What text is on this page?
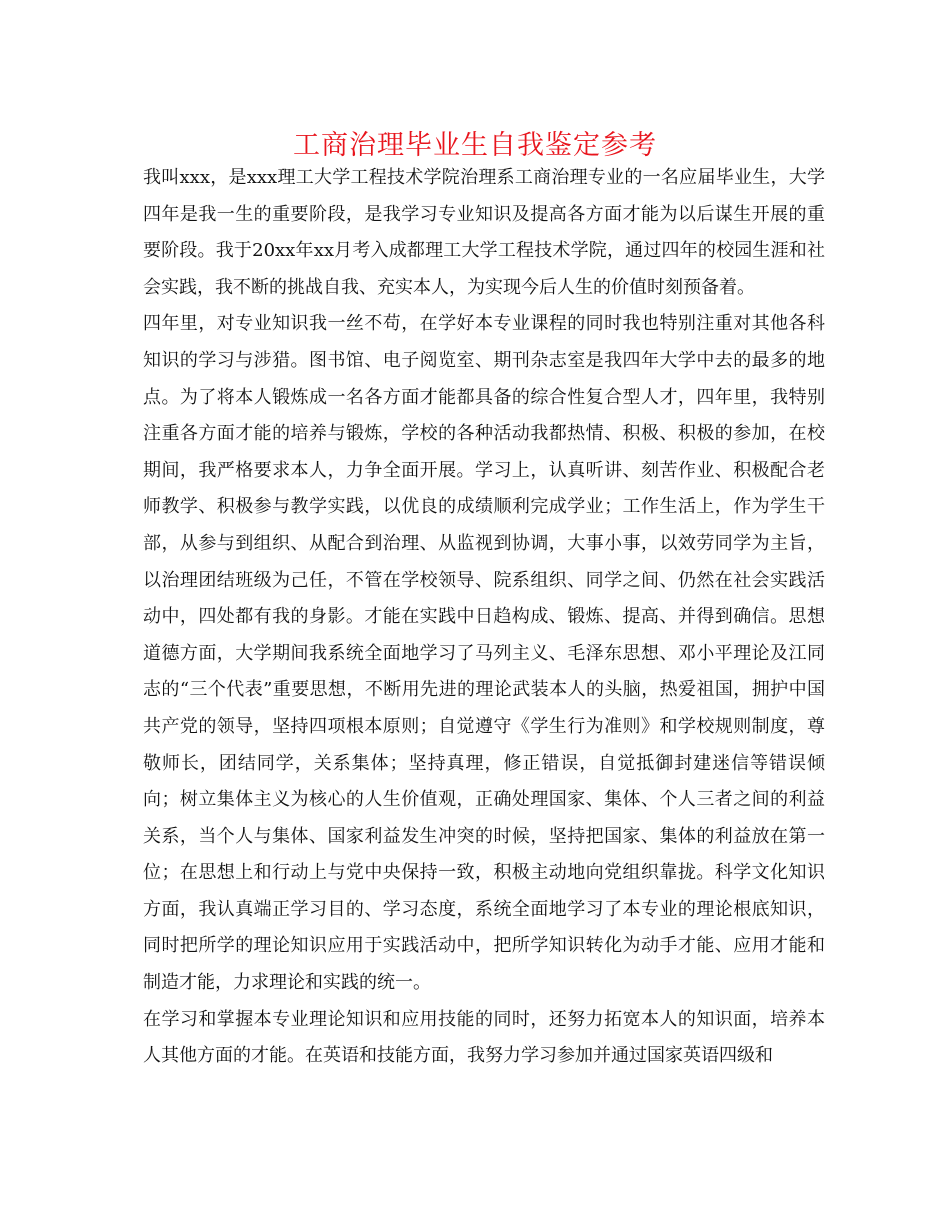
工商治理毕业生自我鉴定参考

我叫xxx，是xxx理工大学工程技术学院治理系工商治理专业的一名应届毕业生，大学四年是我一生的重要阶段，是我学习专业知识及提高各方面才能为以后谋生开展的重要阶段。我于20xx年xx月考入成都理工大学工程技术学院，通过四年的校园生涯和社会实践，我不断的挑战自我、充实本人，为实现今后人生的价值时刻预备着。

四年里，对专业知识我一丝不苟，在学好本专业课程的同时我也特别注重对其他各科知识的学习与涉猎。图书馆、电子阅览室、期刊杂志室是我四年大学中去的最多的地点。为了将本人锻炼成一名各方面才能都具备的综合性复合型人才，四年里，我特别注重各方面才能的培养与锻炼，学校的各种活动我都热情、积极、积极的参加，在校期间，我严格要求本人，力争全面开展。学习上，认真听讲、刻苦作业、积极配合老师教学、积极参与教学实践，以优良的成绩顺利完成学业；工作生活上，作为学生干部，从参与到组织、从配合到治理、从监视到协调，大事小事，以效劳同学为主旨，以治理团结班级为己任，不管在学校领导、院系组织、同学之间、仍然在社会实践活动中，四处都有我的身影。才能在实践中日趋构成、锻炼、提高、并得到确信。思想道德方面，大学期间我系统全面地学习了马列主义、毛泽东思想、邓小平理论及江同志的“三个代表”重要思想，不断用先进的理论武装本人的头脑，热爱祖国，拥护中国共产党的领导，坚持四项根本原则；自觉遵守《学生行为准则》和学校规则制度，尊敬师长，团结同学，关系集体；坚持真理，修正错误，自觉抵御封建迷信等错误倾向；树立集体主义为核心的人生价值观，正确处理国家、集体、个人三者之间的利益关系，当个人与集体、国家利益发生冲突的时候，坚持把国家、集体的利益放在第一位；在思想上和行动上与党中央保持一致，积极主动地向党组织靠拢。科学文化知识方面，我认真端正学习目的、学习态度，系统全面地学习了本专业的理论根底知识，同时把所学的理论知识应用于实践活动中，把所学知识转化为动手才能、应用才能和制造才能，力求理论和实践的统一。

在学习和掌握本专业理论知识和应用技能的同时，还努力拓宽本人的知识面，培养本人其他方面的才能。在英语和技能方面，我努力学习参加并通过国家英语四级和
